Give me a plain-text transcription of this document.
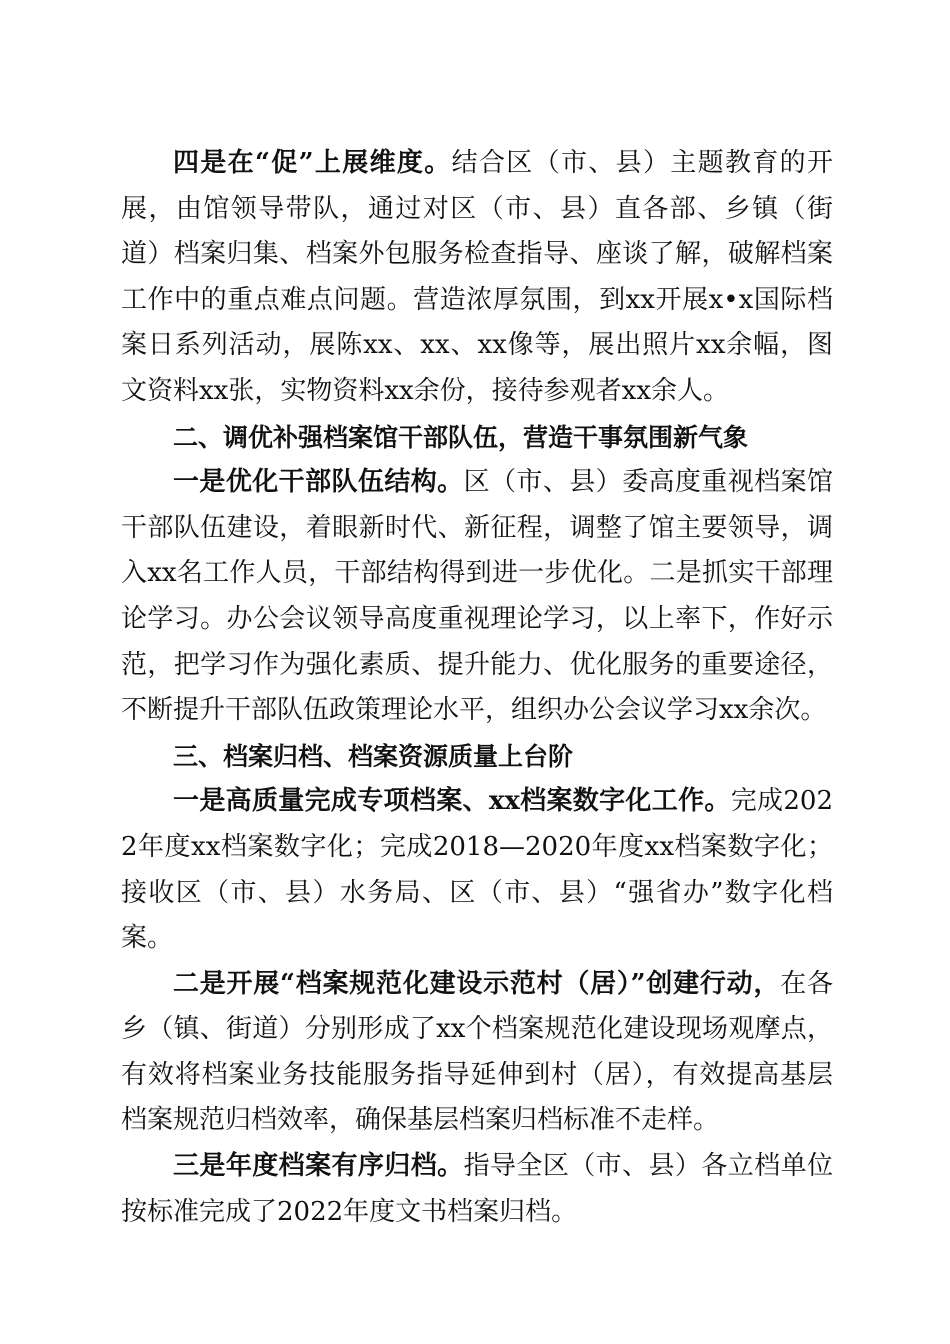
四是在“促”上展维度。结合区（市、县）主题教育的开展，由馆领导带队，通过对区（市、县）直各部、乡镇（街道）档案归集、档案外包服务检查指导、座谈了解，破解档案工作中的重点难点问题。营造浓厚氛围，到xx开展x•x国际档案日系列活动，展陈xx、xx、xx像等，展出照片xx余幅，图文资料xx张，实物资料xx余份，接待参观者xx余人。

二、调优补强档案馆干部队伍，营造干事氛围新气象

一是优化干部队伍结构。区（市、县）委高度重视档案馆干部队伍建设，着眼新时代、新征程，调整了馆主要领导，调入xx名工作人员，干部结构得到进一步优化。二是抓实干部理论学习。办公会议领导高度重视理论学习，以上率下，作好示范，把学习作为强化素质、提升能力、优化服务的重要途径，不断提升干部队伍政策理论水平，组织办公会议学习xx余次。

三、档案归档、档案资源质量上台阶

一是高质量完成专项档案、xx档案数字化工作。完成2022年度xx档案数字化；完成2018—2020年度xx档案数字化；接收区（市、县）水务局、区（市、县）“强省办”数字化档案。

二是开展“档案规范化建设示范村（居）”创建行动，在各乡（镇、街道）分别形成了xx个档案规范化建设现场观摩点，有效将档案业务技能服务指导延伸到村（居），有效提高基层档案规范归档效率，确保基层档案归档标准不走样。

三是年度档案有序归档。指导全区（市、县）各立档单位按标准完成了2022年度文书档案归档。
